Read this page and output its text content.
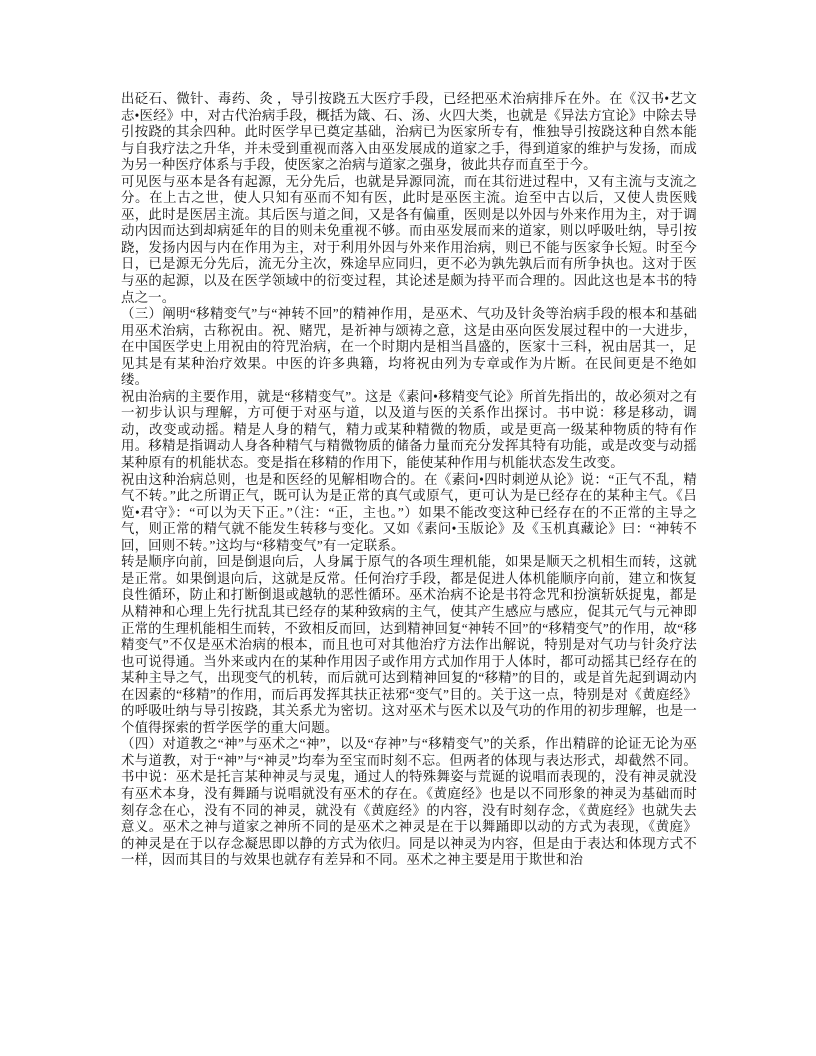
出砭石、微针、毒药、灸 ，导引按跷五大医疗手段，已经把巫术治病排斥在外。在《汉书•艺文志•医经》中，对古代治病手段，概括为箴、石、汤、火四大类，也就是《异法方宜论》中除去导引按跷的其余四种。此时医学早已奠定基础，治病已为医家所专有，惟独导引按跷这种自然本能与自我疗法之升华，并未受到重视而落入由巫发展成的道家之手，得到道家的维护与发扬，而成为另一种医疗体系与手段，使医家之治病与道家之强身，彼此共存而直至于今。

可见医与巫本是各有起源，无分先后，也就是异源同流，而在其衍进过程中，又有主流与支流之分。在上古之世，使人只知有巫而不知有医，此时是巫医主流。迨至中古以后，又使人贵医贱巫，此时是医居主流。其后医与道之间，又是各有偏重，医则是以外因与外来作用为主，对于调动内因而达到却病延年的目的则未免重视不够。而由巫发展而来的道家，则以呼吸吐纳，导引按跷，发扬内因与内在作用为主，对于利用外因与外来作用治病，则已不能与医家争长短。时至今日，已是源无分先后，流无分主次，殊途早应同归，更不必为孰先孰后而有所争执也。这对于医与巫的起源，以及在医学领域中的衍变过程，其论述是颇为持平而合理的。因此这也是本书的特点之一。

（三）阐明“移精变气”与“神转不回”的精神作用，是巫术、气功及针灸等治病手段的根本和基础用巫术治病，古称祝由。祝、赌咒，是祈神与颂祷之意，这是由巫向医发展过程中的一大进步，在中国医学史上用祝由的符咒治病，在一个时期内是相当昌盛的，医家十三科，祝由居其一，足见其是有某种治疗效果。中医的许多典籍，均将祝由列为专章或作为片断。在民间更是不绝如缕。

祝由治病的主要作用，就是“移精变气”。这是《素问•移精变气论》所首先指出的，故必须对之有一初步认识与理解，方可便于对巫与道，以及道与医的关系作出探讨。书中说：移是移动，调动，改变或动摇。精是人身的精气，精力或某种精微的物质，或是更高一级某种物质的特有作用。移精是指调动人身各种精气与精微物质的储备力量而充分发挥其特有功能，或是改变与动摇某种原有的机能状态。变是指在移精的作用下，能使某种作用与机能状态发生改变。

祝由这种治病总则，也是和医经的见解相吻合的。在《素问•四时刺逆从论》说：“正气不乱，精气不转。”此之所谓正气，既可认为是正常的真气或原气，更可认为是已经存在的某种主气。《吕览•君守》：“可以为天下正。”（注：“正，主也。”）如果不能改变这种已经存在的不正常的主导之气，则正常的精气就不能发生转移与变化。又如《素问•玉版论》及《玉机真藏论》曰：“神转不回，回则不转。”这均与“移精变气”有一定联系。

转是顺序向前，回是倒退向后，人身属于原气的各项生理机能，如果是顺天之机相生而转，这就是正常。如果倒退向后，这就是反常。任何治疗手段，都是促进人体机能顺序向前，建立和恢复良性循环，防止和打断倒退或越轨的恶性循环。巫术治病不论是书符念咒和扮演斩妖捉鬼，都是从精神和心理上先行扰乱其已经存的某种致病的主气，使其产生感应与感应，促其元气与元神即正常的生理机能相生而转，不致相反而回，达到精神回复“神转不回”的“移精变气”的作用，故“移精变气”不仅是巫术治病的根本，而且也可对其他治疗方法作出解说，特别是对气功与针灸疗法也可说得通。当外来或内在的某种作用因子或作用方式加作用于人体时，都可动摇其已经存在的某种主导之气，出现变气的机转，而后就可达到精神回复的“移精”的目的，或是首先起到调动内在因素的“移精”的作用，而后再发挥其扶正祛邪“变气”目的。关于这一点，特别是对《黄庭经》的呼吸吐纳与导引按跷，其关系尤为密切。这对巫术与医术以及气功的作用的初步理解，也是一个值得探索的哲学医学的重大问题。

（四）对道教之“神”与巫术之“神”，以及“存神”与“移精变气”的关系，作出精辟的论证无论为巫术与道教，对于“神”与“神灵”均奉为至宝而时刻不忘。但两者的体现与表达形式，却截然不同。书中说：巫术是托言某种神灵与灵鬼，通过人的特殊舞姿与荒诞的说唱而表现的，没有神灵就没有巫术本身，没有舞踊与说唱就没有巫术的存在。《黄庭经》也是以不同形象的神灵为基础而时刻存念在心，没有不同的神灵，就没有《黄庭经》的内容，没有时刻存念，《黄庭经》也就失去意义。巫术之神与道家之神所不同的是巫术之神灵是在于以舞踊即以动的方式为表现，《黄庭》的神灵是在于以存念凝思即以静的方式为依归。同是以神灵为内容，但是由于表达和体现方式不一样，因而其目的与效果也就存有差异和不同。巫术之神主要是用于欺世和治
